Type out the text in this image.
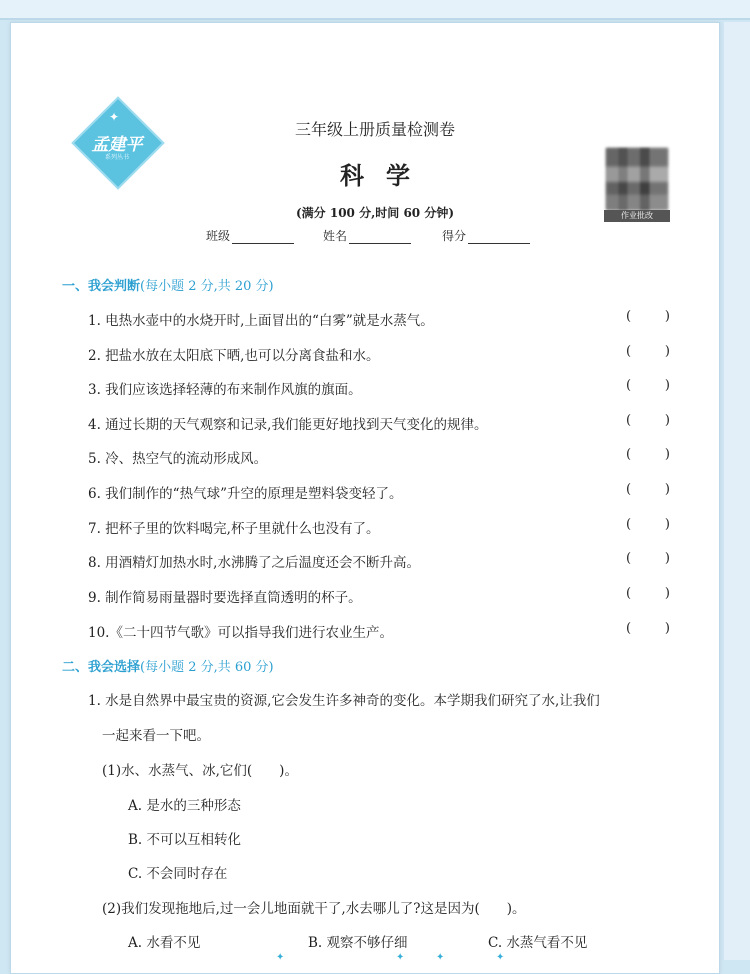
✦
孟建平
系列丛书
作业批改
三年级上册质量检测卷
科学
(满分 100 分,时间 60 分钟)
班级	姓名	得分
一、我会判断(每小题 2 分,共 20 分)
1. 电热水壶中的水烧开时,上面冒出的“白雾”就是水蒸气。	(	)
2. 把盐水放在太阳底下晒,也可以分离食盐和水。	(	)
3. 我们应该选择轻薄的布来制作风旗的旗面。	(	)
4. 通过长期的天气观察和记录,我们能更好地找到天气变化的规律。	(	)
5. 冷、热空气的流动形成风。	(	)
6. 我们制作的“热气球”升空的原理是塑料袋变轻了。	(	)
7. 把杯子里的饮料喝完,杯子里就什么也没有了。	(	)
8. 用酒精灯加热水时,水沸腾了之后温度还会不断升高。	(	)
9. 制作简易雨量器时要选择直筒透明的杯子。	(	)
10.《二十四节气歌》可以指导我们进行农业生产。	(	)
二、我会选择(每小题 2 分,共 60 分)
1. 水是自然界中最宝贵的资源,它会发生许多神奇的变化。本学期我们研究了水,让我们
一起来看一下吧。
(1)水、水蒸气、冰,它们(　　)。
A. 是水的三种形态
B. 不可以互相转化
C. 不会同时存在
(2)我们发现拖地后,过一会儿地面就干了,水去哪儿了?这是因为(　　)。
A. 水看不见	B. 观察不够仔细	C. 水蒸气看不见
✦	✦	✦	✦
